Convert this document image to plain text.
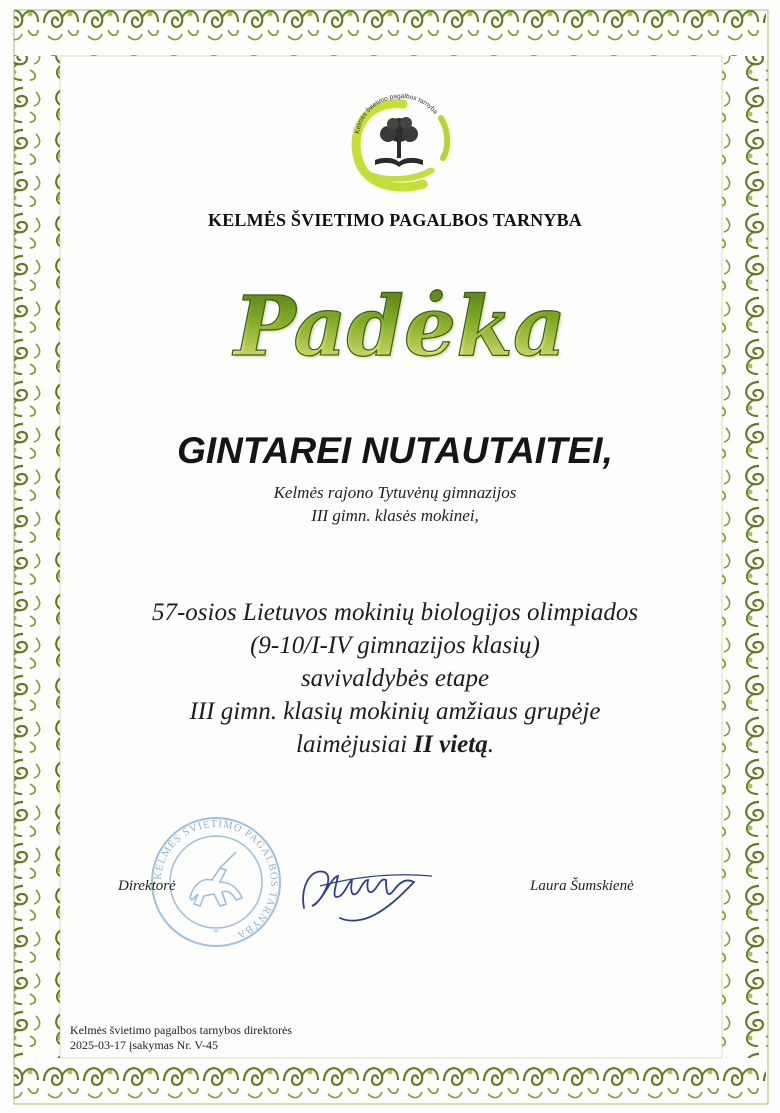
Kelmės švietimo pagalbos tarnyba
KELMĖS ŠVIETIMO PAGALBOS TARNYBA
Padėka
GINTAREI NUTAUTAITEI,
Kelmės rajono Tytuvėnų gimnazijos
III gimn. klasės mokinei,
57-osios Lietuvos mokinių biologijos olimpiados
(9-10/I-IV gimnazijos klasių)
savivaldybės etape
III gimn. klasių mokinių amžiaus grupėje
laimėjusiai II vietą.
KELMĖS ŠVIETIMO PAGALBOS TARNYBA
*
Direktorė	Laura Šumskienė
Kelmės švietimo pagalbos tarnybos direktorės
2025-03-17 įsakymas Nr. V-45
